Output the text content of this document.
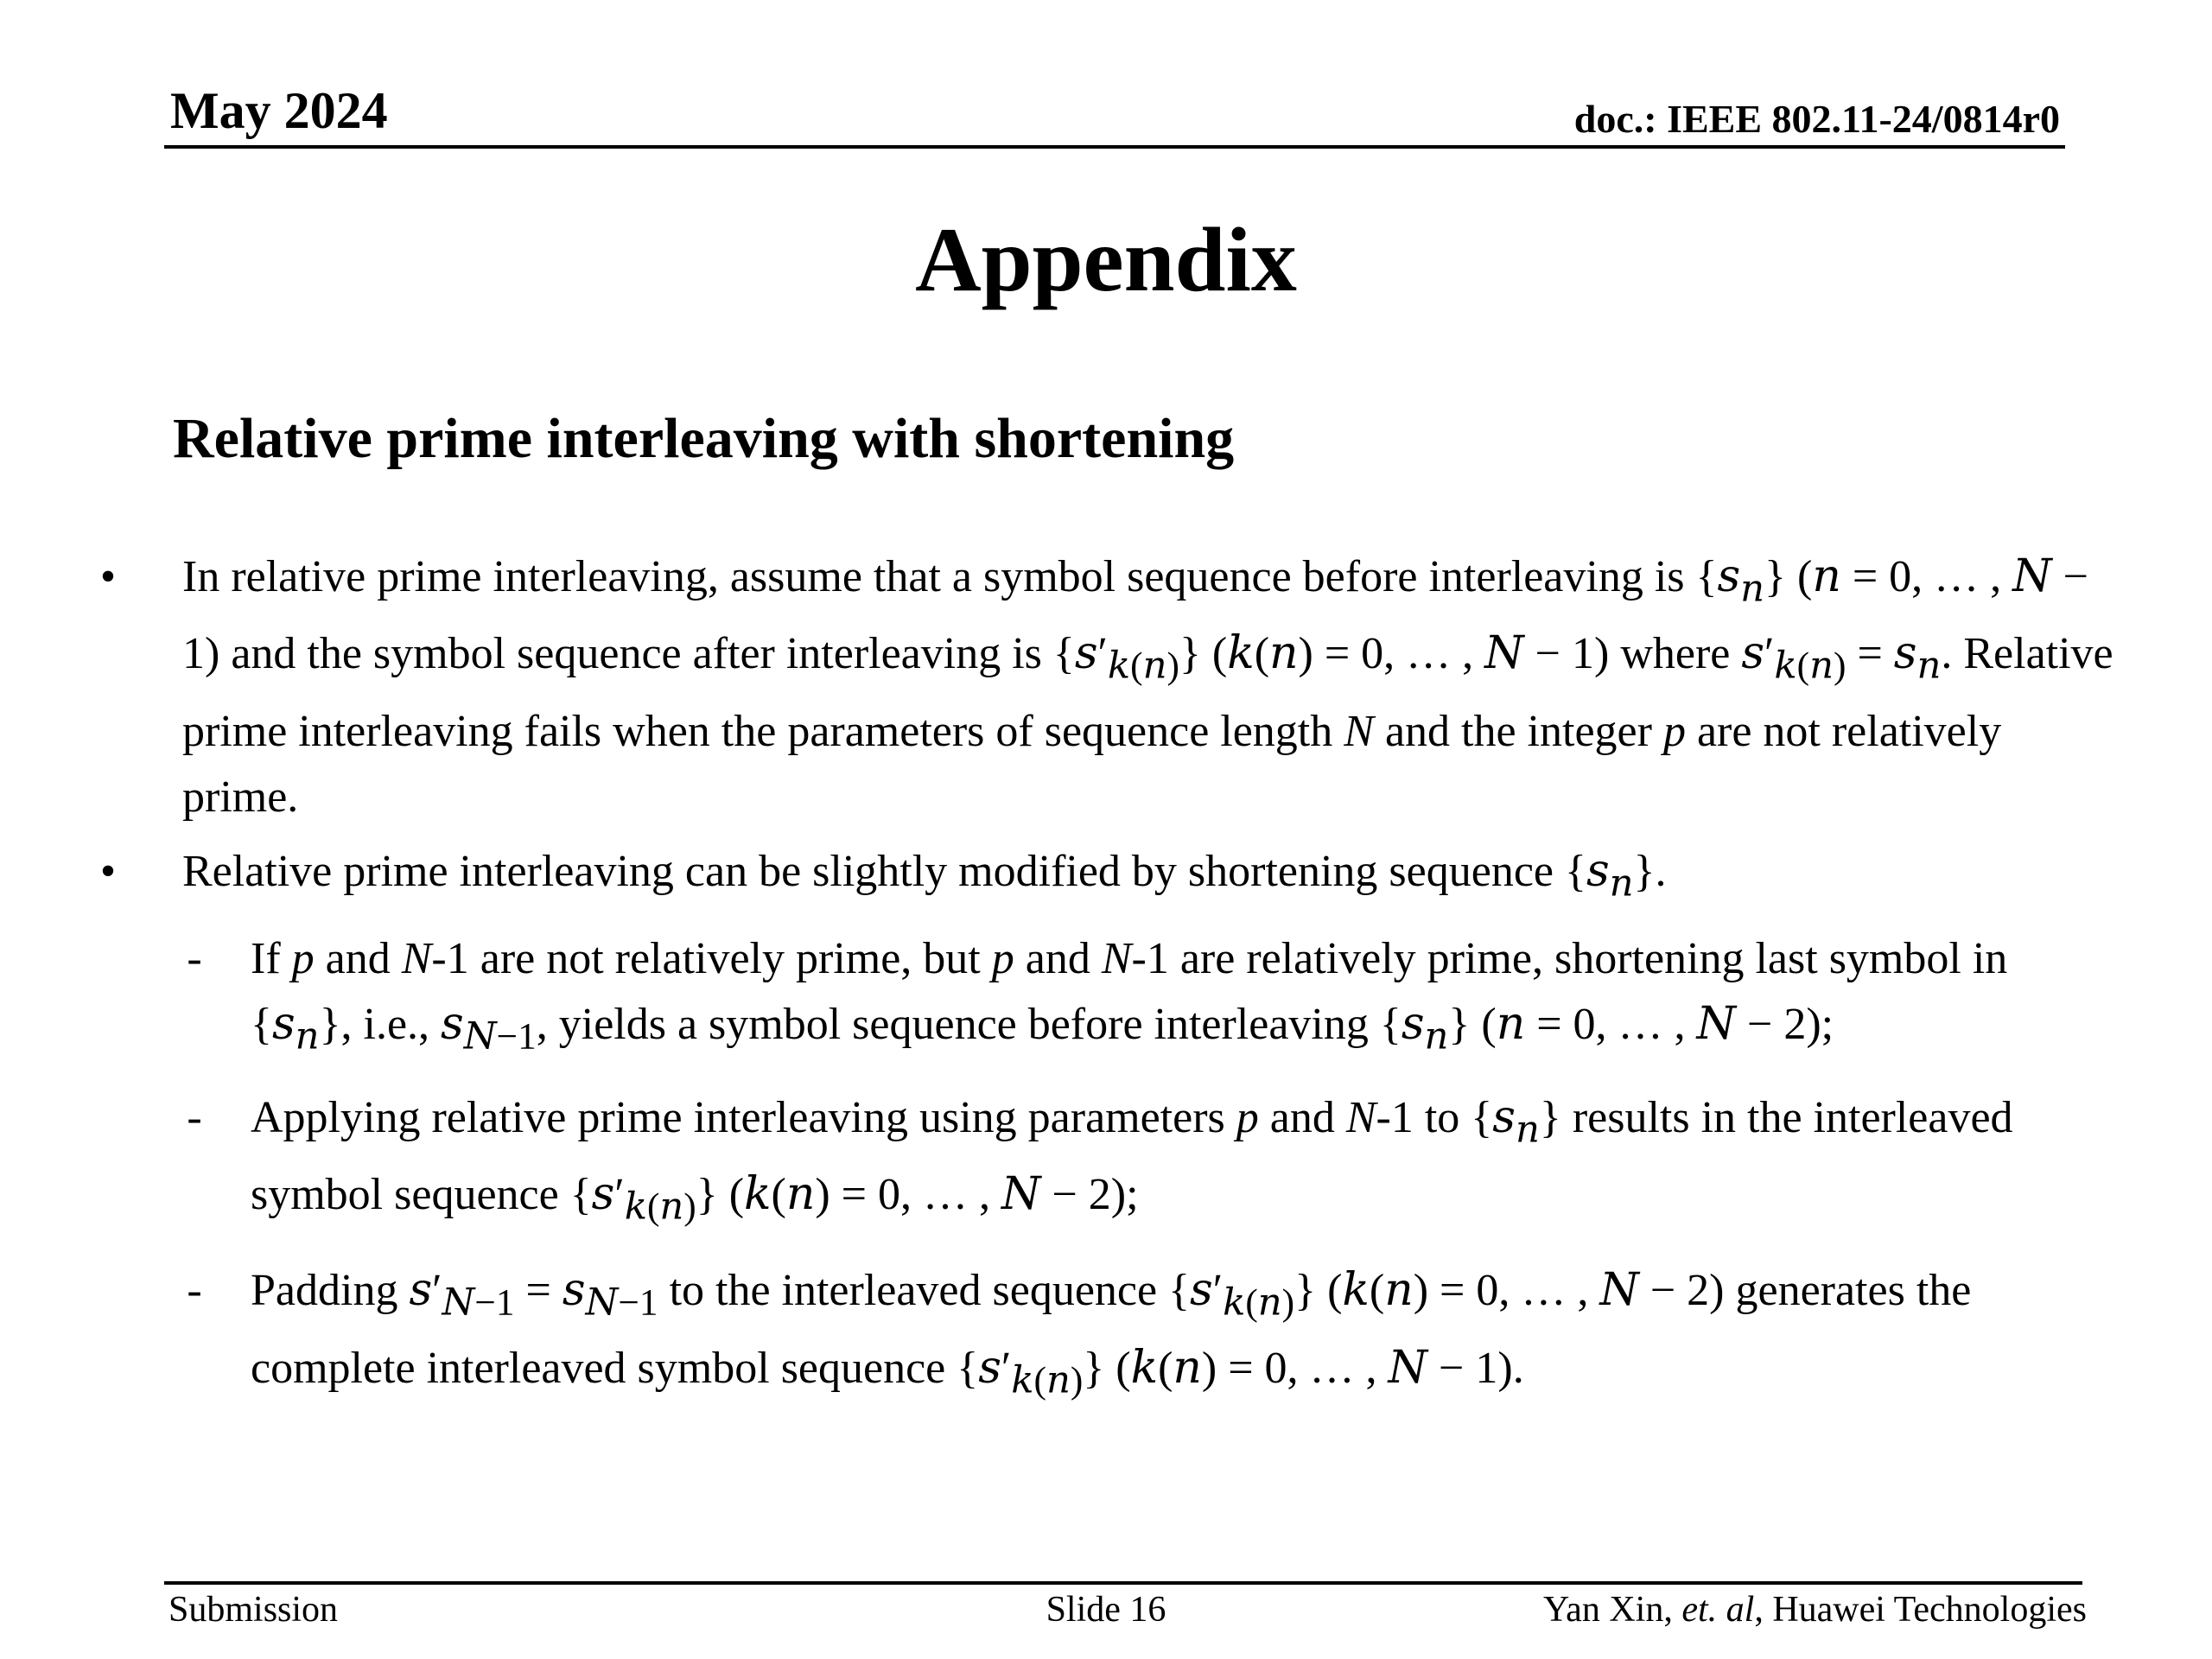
May 2024	doc.: IEEE 802.11-24/0814r0
Appendix
Relative prime interleaving with shortening
• In relative prime interleaving, assume that a symbol sequence before interleaving is {𝑠$_𝑛$} (𝑛 = 0, … , 𝑁 − 1) and the symbol sequence after interleaving is $\{𝑠'_{𝑘(𝑛)}\}$ (𝑘(𝑛) = 0, … , 𝑁 − 1) where $𝑠'_{𝑘(𝑛)}$ = 𝑠$_𝑛$. Relative prime interleaving fails when the parameters of sequence length N and the integer p are not relatively prime.
• Relative prime interleaving can be slightly modified by shortening sequence {𝑠$_𝑛$}.
- If p and N-1 are not relatively prime, but p and N-1 are relatively prime, shortening last symbol in {𝑠$_𝑛$}, i.e., 𝑠$_{𝑁-1}$, yields a symbol sequence before interleaving {𝑠$_𝑛$} (𝑛 = 0, … , 𝑁 − 2);
- Applying relative prime interleaving using parameters p and N-1 to {𝑠$_𝑛$} results in the interleaved symbol sequence $\{𝑠'_{𝑘(𝑛)}\}$ (𝑘(𝑛) = 0, … , 𝑁 − 2);
- Padding $𝑠'_{𝑁-1}$ = 𝑠$_{𝑁-1}$ to the interleaved sequence $\{𝑠'_{𝑘(𝑛)}\}$ (𝑘(𝑛) = 0, … , 𝑁 − 2) generates the complete interleaved symbol sequence $\{𝑠'_{𝑘(𝑛)}\}$ (𝑘(𝑛) = 0, … , 𝑁 − 1).
Submission	Slide 16	Yan Xin, et. al, Huawei Technologies
